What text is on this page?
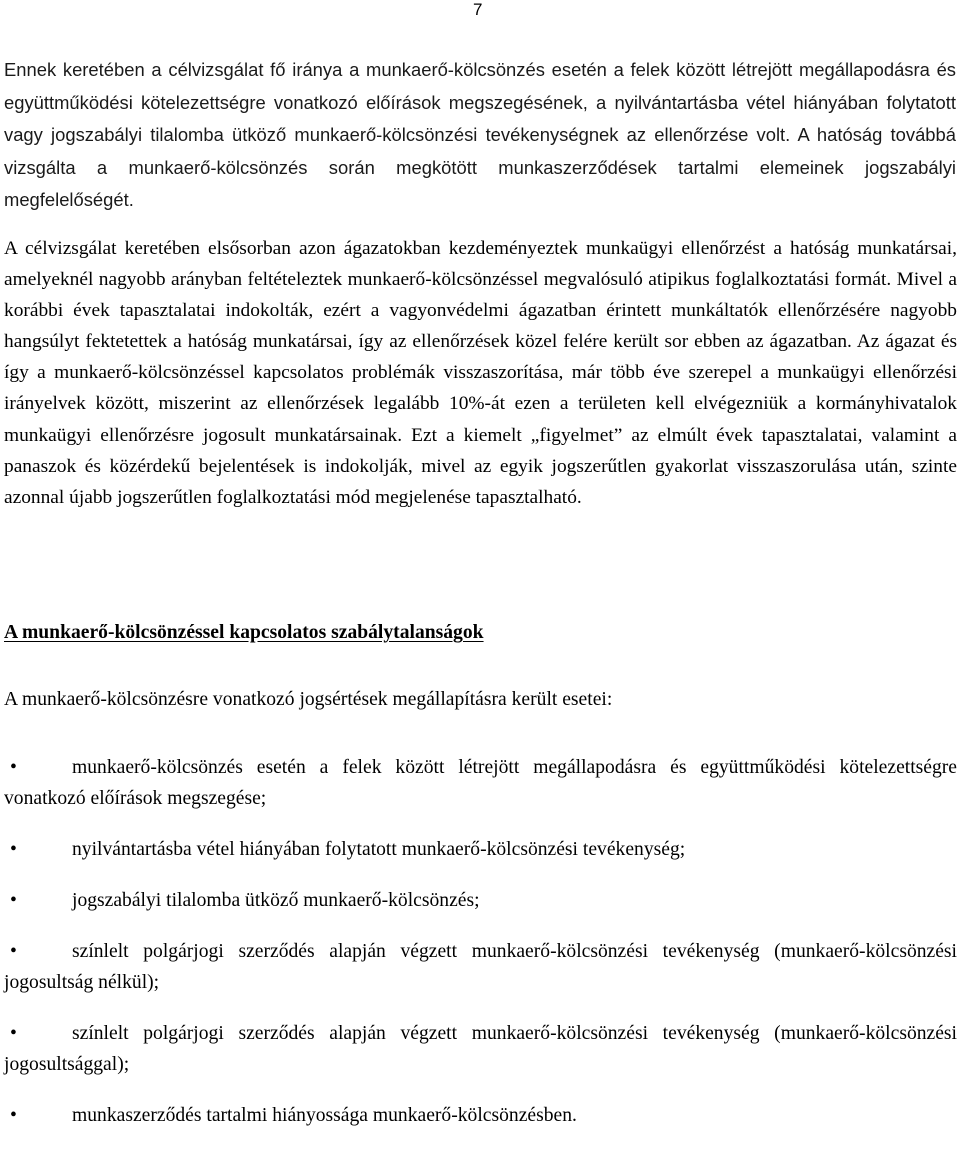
7

Ennek keretében a célvizsgálat fő iránya a munkaerő-kölcsönzés esetén a felek között létrejött megállapodásra és együttműködési kötelezettségre vonatkozó előírások megszegésének, a nyilvántartásba vétel hiányában folytatott vagy jogszabályi tilalomba ütköző munkaerő-kölcsönzési tevékenységnek az ellenőrzése volt. A hatóság továbbá vizsgálta a munkaerő-kölcsönzés során megkötött munkaszerződések tartalmi elemeinek jogszabályi megfelelőségét.

A célvizsgálat keretében elsősorban azon ágazatokban kezdeményeztek munkaügyi ellenőrzést a hatóság munkatársai, amelyeknél nagyobb arányban feltételeztek munkaerő-kölcsönzéssel megvalósuló atipikus foglalkoztatási formát. Mivel a korábbi évek tapasztalatai indokolták, ezért a vagyonvédelmi ágazatban érintett munkáltatók ellenőrzésére nagyobb hangsúlyt fektetettek a hatóság munkatársai, így az ellenőrzések közel felére került sor ebben az ágazatban. Az ágazat és így a munkaerő-kölcsönzéssel kapcsolatos problémák visszaszorítása, már több éve szerepel a munkaügyi ellenőrzési irányelvek között, miszerint az ellenőrzések legalább 10%-át ezen a területen kell elvégezniük a kormányhivatalok munkaügyi ellenőrzésre jogosult munkatársainak. Ezt a kiemelt „figyelmet” az elmúlt évek tapasztalatai, valamint a panaszok és közérdekű bejelentések is indokolják, mivel az egyik jogszerűtlen gyakorlat visszaszorulása után, szinte azonnal újabb jogszerűtlen foglalkoztatási mód megjelenése tapasztalható.

A munkaerő-kölcsönzéssel kapcsolatos szabálytalanságok

A munkaerő-kölcsönzésre vonatkozó jogsértések megállapításra került esetei:

•	munkaerő-kölcsönzés esetén a felek között létrejött megállapodásra és együttműködési kötelezettségre vonatkozó előírások megszegése;
•	nyilvántartásba vétel hiányában folytatott munkaerő-kölcsönzési tevékenység;
•	jogszabályi tilalomba ütköző munkaerő-kölcsönzés;
•	színlelt polgárjogi szerződés alapján végzett munkaerő-kölcsönzési tevékenység (munkaerő-kölcsönzési jogosultság nélkül);
•	színlelt polgárjogi szerződés alapján végzett munkaerő-kölcsönzési tevékenység (munkaerő-kölcsönzési jogosultsággal);
•	munkaszerződés tartalmi hiányossága munkaerő-kölcsönzésben.
